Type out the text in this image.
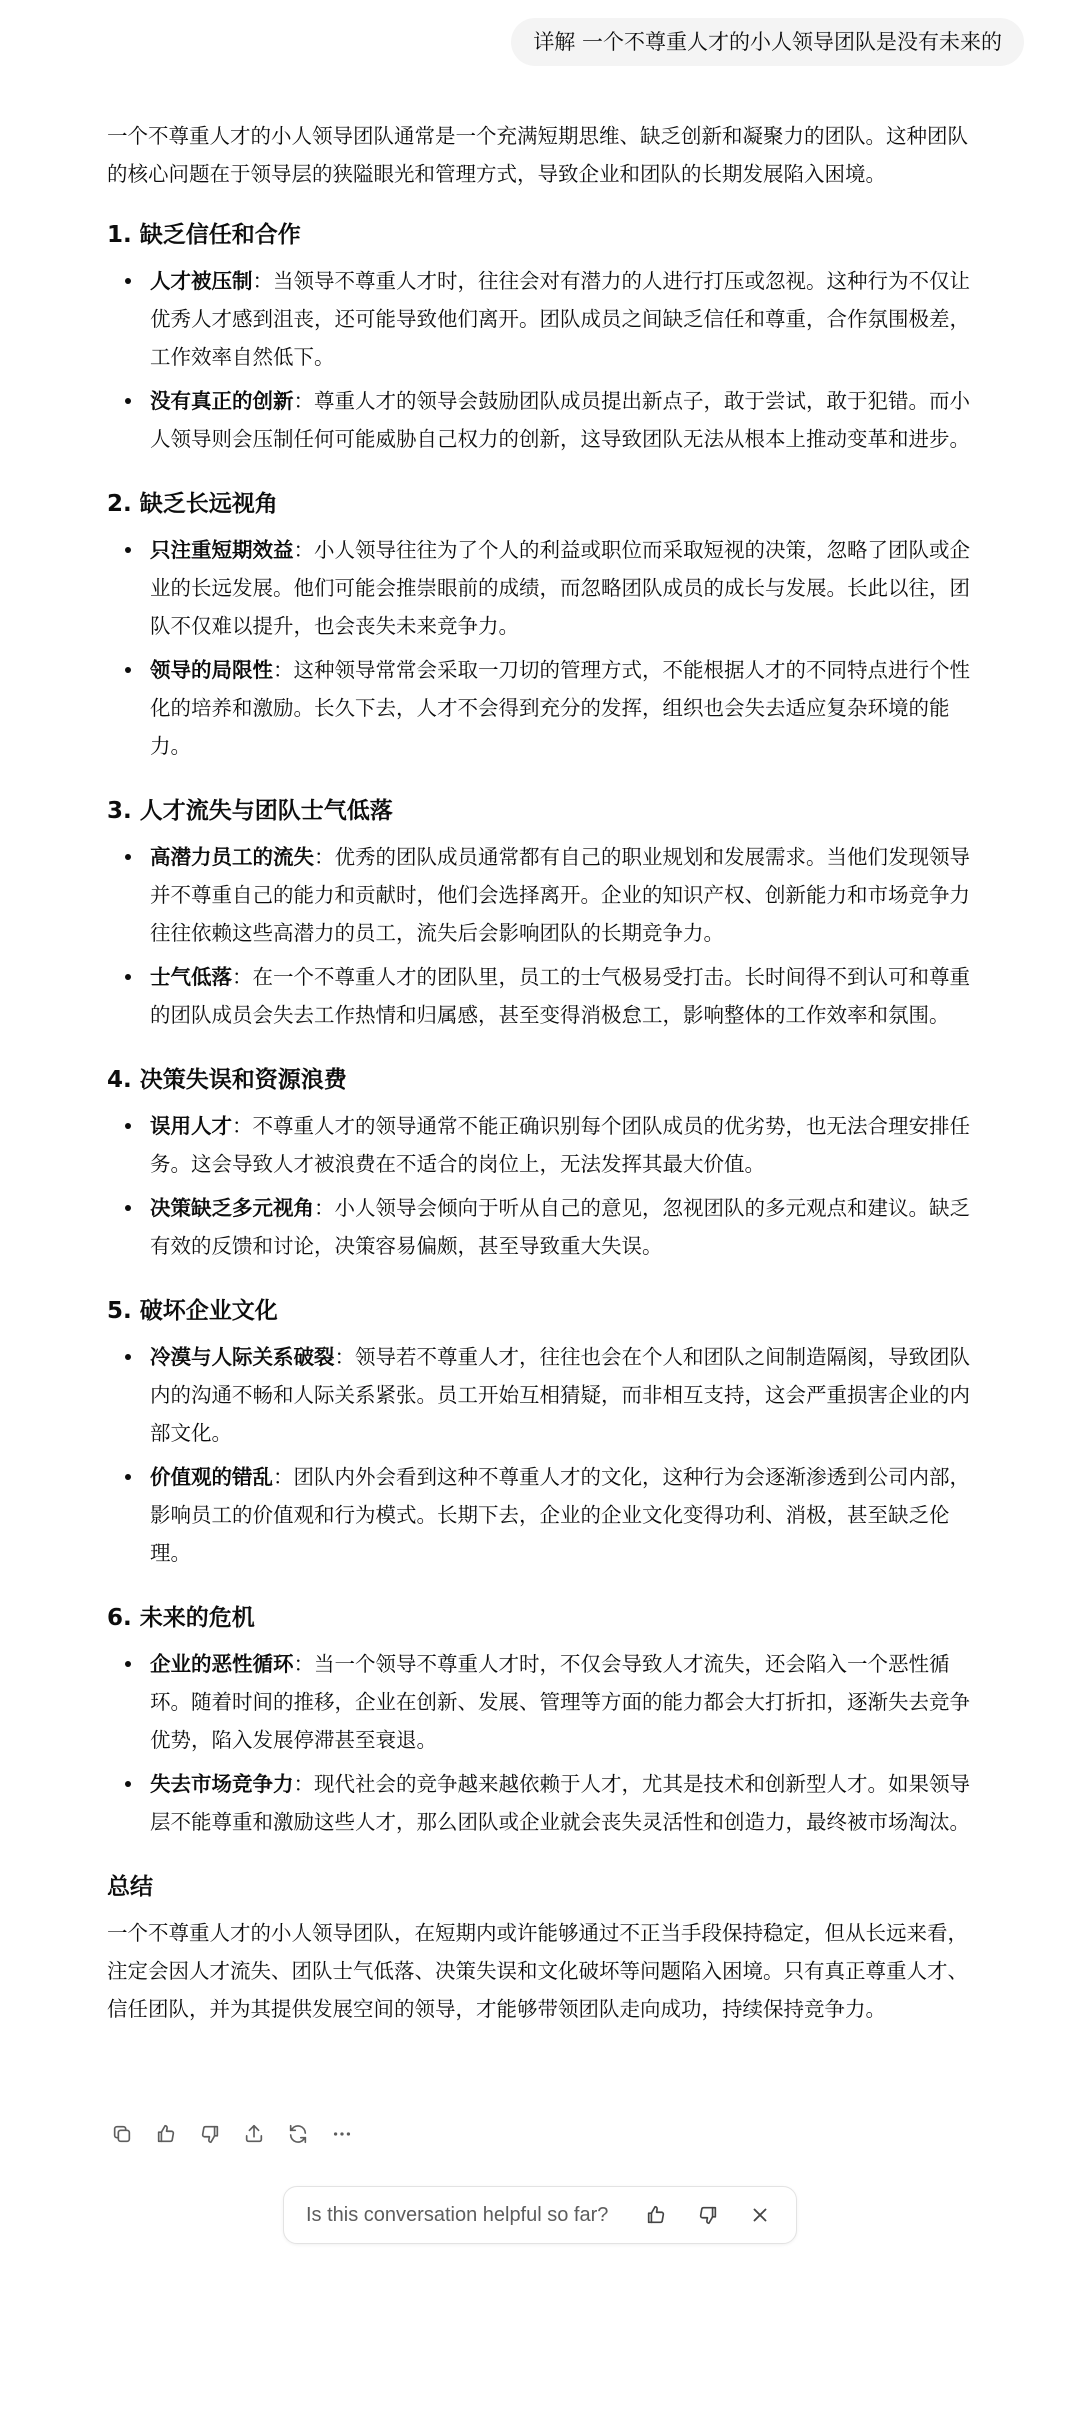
详解 一个不尊重人才的小人领导团队是没有未来的

一个不尊重人才的小人领导团队通常是一个充满短期思维、缺乏创新和凝聚力的团队。这种团队的核心问题在于领导层的狭隘眼光和管理方式，导致企业和团队的长期发展陷入困境。

1. 缺乏信任和合作
人才被压制：当领导不尊重人才时，往往会对有潜力的人进行打压或忽视。这种行为不仅让优秀人才感到沮丧，还可能导致他们离开。团队成员之间缺乏信任和尊重，合作氛围极差，工作效率自然低下。
没有真正的创新：尊重人才的领导会鼓励团队成员提出新点子，敢于尝试，敢于犯错。而小人领导则会压制任何可能威胁自己权力的创新，这导致团队无法从根本上推动变革和进步。
2. 缺乏长远视角
只注重短期效益：小人领导往往为了个人的利益或职位而采取短视的决策，忽略了团队或企业的长远发展。他们可能会推崇眼前的成绩，而忽略团队成员的成长与发展。长此以往，团队不仅难以提升，也会丧失未来竞争力。
领导的局限性：这种领导常常会采取一刀切的管理方式，不能根据人才的不同特点进行个性化的培养和激励。长久下去，人才不会得到充分的发挥，组织也会失去适应复杂环境的能力。
3. 人才流失与团队士气低落
高潜力员工的流失：优秀的团队成员通常都有自己的职业规划和发展需求。当他们发现领导并不尊重自己的能力和贡献时，他们会选择离开。企业的知识产权、创新能力和市场竞争力往往依赖这些高潜力的员工，流失后会影响团队的长期竞争力。
士气低落：在一个不尊重人才的团队里，员工的士气极易受打击。长时间得不到认可和尊重的团队成员会失去工作热情和归属感，甚至变得消极怠工，影响整体的工作效率和氛围。
4. 决策失误和资源浪费
误用人才：不尊重人才的领导通常不能正确识别每个团队成员的优劣势，也无法合理安排任务。这会导致人才被浪费在不适合的岗位上，无法发挥其最大价值。
决策缺乏多元视角：小人领导会倾向于听从自己的意见，忽视团队的多元观点和建议。缺乏有效的反馈和讨论，决策容易偏颇，甚至导致重大失误。
5. 破坏企业文化
冷漠与人际关系破裂：领导若不尊重人才，往往也会在个人和团队之间制造隔阂，导致团队内的沟通不畅和人际关系紧张。员工开始互相猜疑，而非相互支持，这会严重损害企业的内部文化。
价值观的错乱：团队内外会看到这种不尊重人才的文化，这种行为会逐渐渗透到公司内部，影响员工的价值观和行为模式。长期下去，企业的企业文化变得功利、消极，甚至缺乏伦理。
6. 未来的危机
企业的恶性循环：当一个领导不尊重人才时，不仅会导致人才流失，还会陷入一个恶性循环。随着时间的推移，企业在创新、发展、管理等方面的能力都会大打折扣，逐渐失去竞争优势，陷入发展停滞甚至衰退。
失去市场竞争力：现代社会的竞争越来越依赖于人才，尤其是技术和创新型人才。如果领导层不能尊重和激励这些人才，那么团队或企业就会丧失灵活性和创造力，最终被市场淘汰。
总结

一个不尊重人才的小人领导团队，在短期内或许能够通过不正当手段保持稳定，但从长远来看，注定会因人才流失、团队士气低落、决策失误和文化破坏等问题陷入困境。只有真正尊重人才、信任团队，并为其提供发展空间的领导，才能够带领团队走向成功，持续保持竞争力。

Is this conversation helpful so far?
